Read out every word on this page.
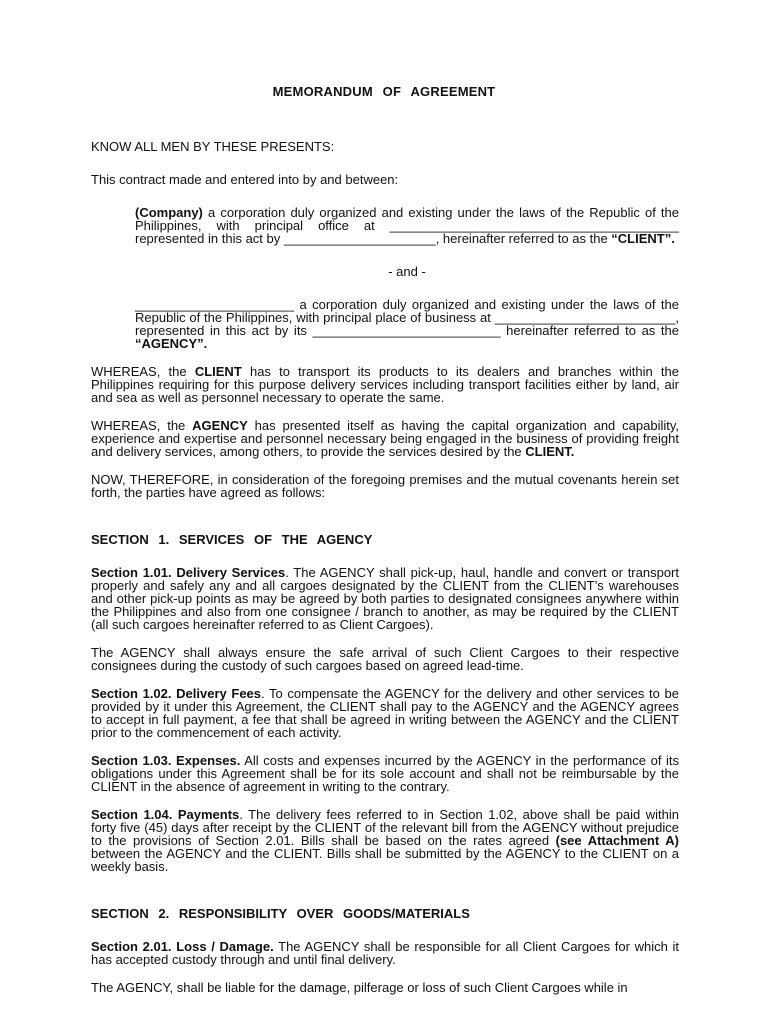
MEMORANDUM OF AGREEMENT

KNOW ALL MEN BY THESE PRESENTS:

This contract made and entered into by and between:

(Company) a corporation duly organized and existing under the laws of the Republic of the Philippines, with principal office at ________________________________________ represented in this act by _____________________, hereinafter referred to as the “CLIENT”.

- and -

______________________ a corporation duly organized and existing under the laws of the Republic of the Philippines, with principal place of business at _________________________, represented in this act by its __________________________ hereinafter referred to as the “AGENCY”.

WHEREAS, the CLIENT has to transport its products to its dealers and branches within the Philippines requiring for this purpose delivery services including transport facilities either by land, air and sea as well as personnel necessary to operate the same.

WHEREAS, the AGENCY has presented itself as having the capital organization and capability, experience and expertise and personnel necessary being engaged in the business of providing freight and delivery services, among others, to provide the services desired by the CLIENT.

NOW, THEREFORE, in consideration of the foregoing premises and the mutual covenants herein set forth, the parties have agreed as follows:

SECTION 1. SERVICES OF THE AGENCY

Section 1.01. Delivery Services. The AGENCY shall pick-up, haul, handle and convert or transport properly and safely any and all cargoes designated by the CLIENT from the CLIENT’s warehouses and other pick-up points as may be agreed by both parties to designated consignees anywhere within the Philippines and also from one consignee / branch to another, as may be required by the CLIENT (all such cargoes hereinafter referred to as Client Cargoes).

The AGENCY shall always ensure the safe arrival of such Client Cargoes to their respective consignees during the custody of such cargoes based on agreed lead-time.

Section 1.02. Delivery Fees. To compensate the AGENCY for the delivery and other services to be provided by it under this Agreement, the CLIENT shall pay to the AGENCY and the AGENCY agrees to accept in full payment, a fee that shall be agreed in writing between the AGENCY and the CLIENT prior to the commencement of each activity.

Section 1.03. Expenses. All costs and expenses incurred by the AGENCY in the performance of its obligations under this Agreement shall be for its sole account and shall not be reimbursable by the CLIENT in the absence of agreement in writing to the contrary.

Section 1.04. Payments. The delivery fees referred to in Section 1.02, above shall be paid within forty five (45) days after receipt by the CLIENT of the relevant bill from the AGENCY without prejudice to the provisions of Section 2.01. Bills shall be based on the rates agreed (see Attachment A) between the AGENCY and the CLIENT. Bills shall be submitted by the AGENCY to the CLIENT on a weekly basis.

SECTION 2. RESPONSIBILITY OVER GOODS/MATERIALS

Section 2.01. Loss / Damage. The AGENCY shall be responsible for all Client Cargoes for which it has accepted custody through and until final delivery.

The AGENCY, shall be liable for the damage, pilferage or loss of such Client Cargoes while in
